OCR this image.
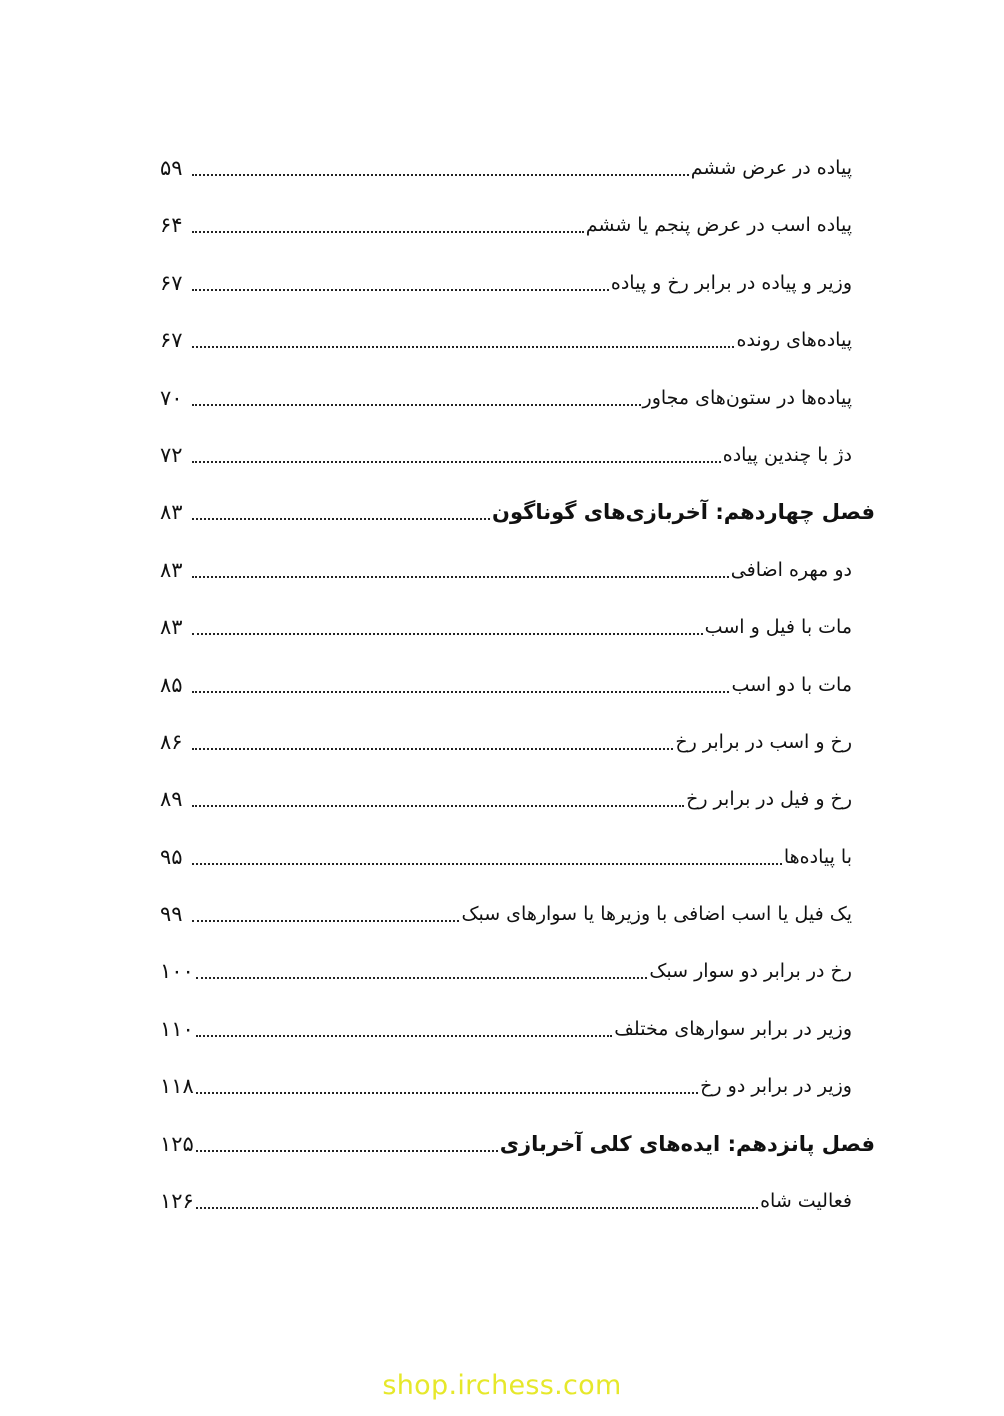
۵۹	پیاده در عرض ششم
۶۴	پیاده اسب در عرض پنجم یا ششم
۶۷	وزیر و پیاده در برابر رخ و پیاده
۶۷	پیاده‌های رونده
۷۰	پیاده‌ها در ستون‌های مجاور
۷۲	دژ با چندین پیاده
۸۳	فصل چهاردهم: آخربازی‌های گوناگون
۸۳	دو مهره اضافی
۸۳	مات با فیل و اسب
۸۵	مات با دو اسب
۸۶	رخ و اسب در برابر رخ
۸۹	رخ و فیل در برابر رخ
۹۵	با پیاده‌ها
۹۹	یک فیل یا اسب اضافی با وزیرها یا سوارهای سبک
۱۰۰	رخ در برابر دو سوار سبک
۱۱۰	وزیر در برابر سوارهای مختلف
۱۱۸	وزیر در برابر دو رخ
۱۲۵	فصل پانزدهم: ایده‌های کلی آخربازی
۱۲۶	فعالیت شاه
shop.irchess.com
